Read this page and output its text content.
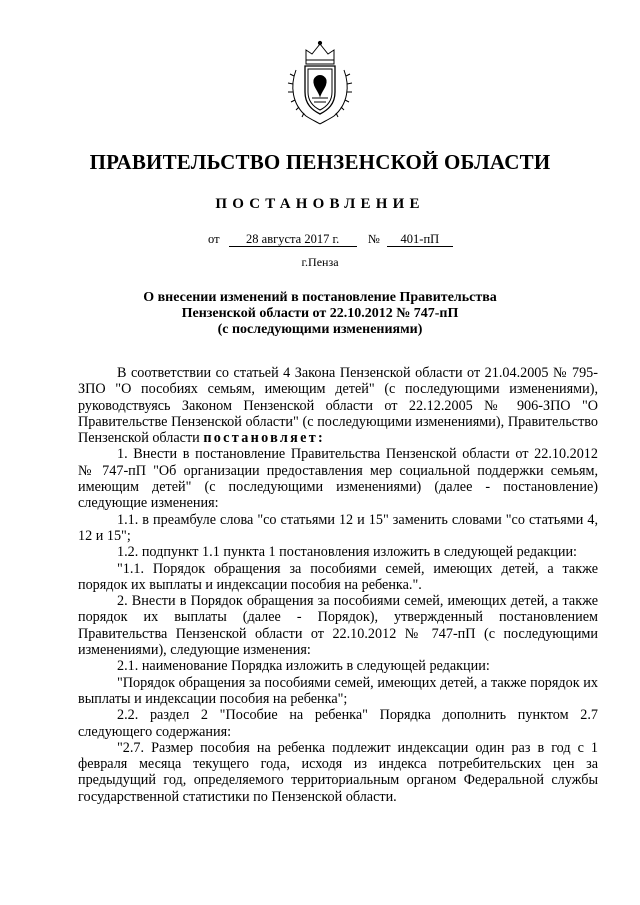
ПРАВИТЕЛЬСТВО ПЕНЗЕНСКОЙ ОБЛАСТИ
ПОСТАНОВЛЕНИЕ
от 28 августа 2017 г. № 401-пП
г.Пенза
О внесении изменений в постановление Правительства
Пензенской области от 22.10.2012 № 747-пП
(с последующими изменениями)

В соответствии со статьей 4 Закона Пензенской области от 21.04.2005 № 795-ЗПО "О пособиях семьям, имеющим детей" (с последующими изменениями), руководствуясь Законом Пензенской области от 22.12.2005 № 906-ЗПО "О Правительстве Пензенской области" (с последующими изменениями), Правительство Пензенской области постановляет:

1. Внести в постановление Правительства Пензенской области от 22.10.2012 № 747-пП "Об организации предоставления мер социальной поддержки семьям, имеющим детей" (с последующими изменениями) (далее - постановление) следующие изменения:

1.1. в преамбуле слова "со статьями 12 и 15" заменить словами "со статьями 4, 12 и 15";

1.2. подпункт 1.1 пункта 1 постановления изложить в следующей редакции:

"1.1. Порядок обращения за пособиями семей, имеющих детей, а также порядок их выплаты и индексации пособия на ребенка.".

2. Внести в Порядок обращения за пособиями семей, имеющих детей, а также порядок их выплаты (далее - Порядок), утвержденный постановлением Правительства Пензенской области от 22.10.2012 № 747-пП (с последующими изменениями), следующие изменения:

2.1. наименование Порядка изложить в следующей редакции:

"Порядок обращения за пособиями семей, имеющих детей, а также порядок их выплаты и индексации пособия на ребенка";

2.2. раздел 2 "Пособие на ребенка" Порядка дополнить пунктом 2.7 следующего содержания:

"2.7. Размер пособия на ребенка подлежит индексации один раз в год с 1 февраля месяца текущего года, исходя из индекса потребительских цен за предыдущий год, определяемого территориальным органом Федеральной службы государственной статистики по Пензенской области.
